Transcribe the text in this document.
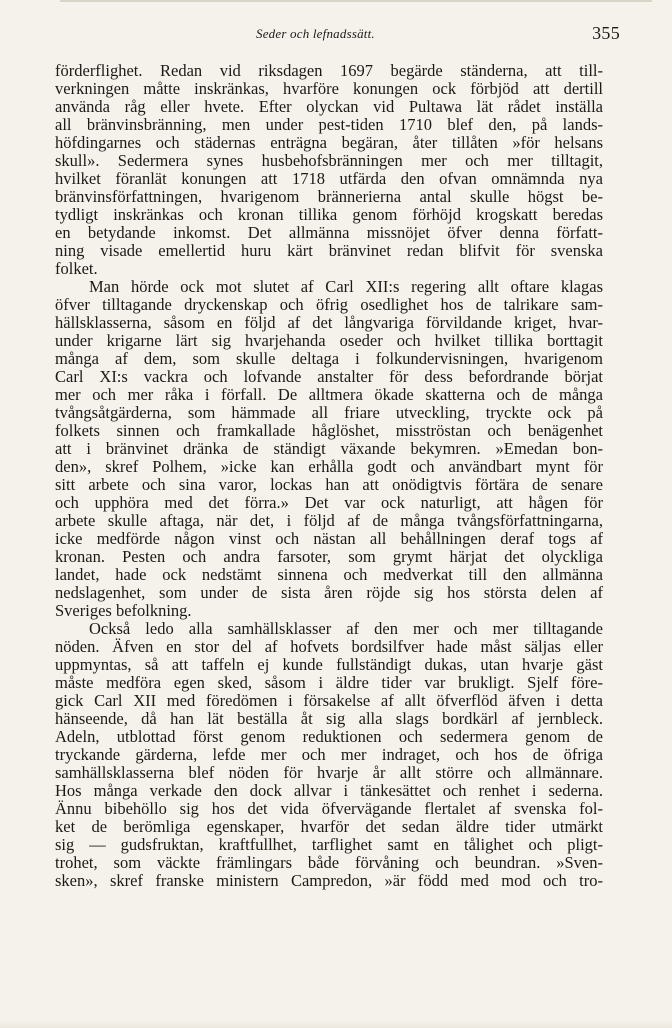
Seder och lefnadssätt.	355
förderflighet. Redan vid riksdagen 1697 begärde ständerna, att till-
verkningen måtte inskränkas, hvarföre konungen ock förbjöd att dertill
använda råg eller hvete. Efter olyckan vid Pultawa lät rådet inställa
all bränvinsbränning, men under pest-tiden 1710 blef den, på lands-
höfdingarnes och städernas enträgna begäran, åter tillåten »för helsans
skull». Sedermera synes husbehofsbränningen mer och mer tilltagit,
hvilket föranlät konungen att 1718 utfärda den ofvan omnämnda nya
bränvinsförfattningen, hvarigenom brännerierna antal skulle högst be-
tydligt inskränkas och kronan tillika genom förhöjd krogskatt beredas
en betydande inkomst. Det allmänna missnöjet öfver denna författ-
ning visade emellertid huru kärt bränvinet redan blifvit för svenska
folket.
Man hörde ock mot slutet af Carl XII:s regering allt oftare klagas
öfver tilltagande dryckenskap och öfrig osedlighet hos de talrikare sam-
hällsklasserna, såsom en följd af det långvariga förvildande kriget, hvar-
under krigarne lärt sig hvarjehanda oseder och hvilket tillika borttagit
många af dem, som skulle deltaga i folkundervisningen, hvarigenom
Carl XI:s vackra och lofvande anstalter för dess befordrande börjat
mer och mer råka i förfall. De alltmera ökade skatterna och de många
tvångsåtgärderna, som hämmade all friare utveckling, tryckte ock på
folkets sinnen och framkallade håglöshet, misströstan och benägenhet
att i bränvinet dränka de ständigt växande bekymren. »Emedan bon-
den», skref Polhem, »icke kan erhålla godt och användbart mynt för
sitt arbete och sina varor, lockas han att onödigtvis förtära de senare
och upphöra med det förra.» Det var ock naturligt, att hågen för
arbete skulle aftaga, när det, i följd af de många tvångsförfattningarna,
icke medförde någon vinst och nästan all behållningen deraf togs af
kronan. Pesten och andra farsoter, som grymt härjat det olyckliga
landet, hade ock nedstämt sinnena och medverkat till den allmänna
nedslagenhet, som under de sista åren röjde sig hos största delen af
Sveriges befolkning.
Också ledo alla samhällsklasser af den mer och mer tilltagande
nöden. Äfven en stor del af hofvets bordsilfver hade måst säljas eller
uppmyntas, så att taffeln ej kunde fullständigt dukas, utan hvarje gäst
måste medföra egen sked, såsom i äldre tider var brukligt. Sjelf före-
gick Carl XII med föredömen i försakelse af allt öfverflöd äfven i detta
hänseende, då han lät beställa åt sig alla slags bordkärl af jernbleck.
Adeln, utblottad först genom reduktionen och sedermera genom de
tryckande gärderna, lefde mer och mer indraget, och hos de öfriga
samhällsklasserna blef nöden för hvarje år allt större och allmännare.
Hos många verkade den dock allvar i tänkesättet och renhet i sederna.
Ännu bibehöllo sig hos det vida öfvervägande flertalet af svenska fol-
ket de berömliga egenskaper, hvarför det sedan äldre tider utmärkt
sig — gudsfruktan, kraftfullhet, tarflighet samt en tålighet och pligt-
trohet, som väckte främlingars både förvåning och beundran. »Sven-
sken», skref franske ministern Campredon, »är född med mod och tro-
